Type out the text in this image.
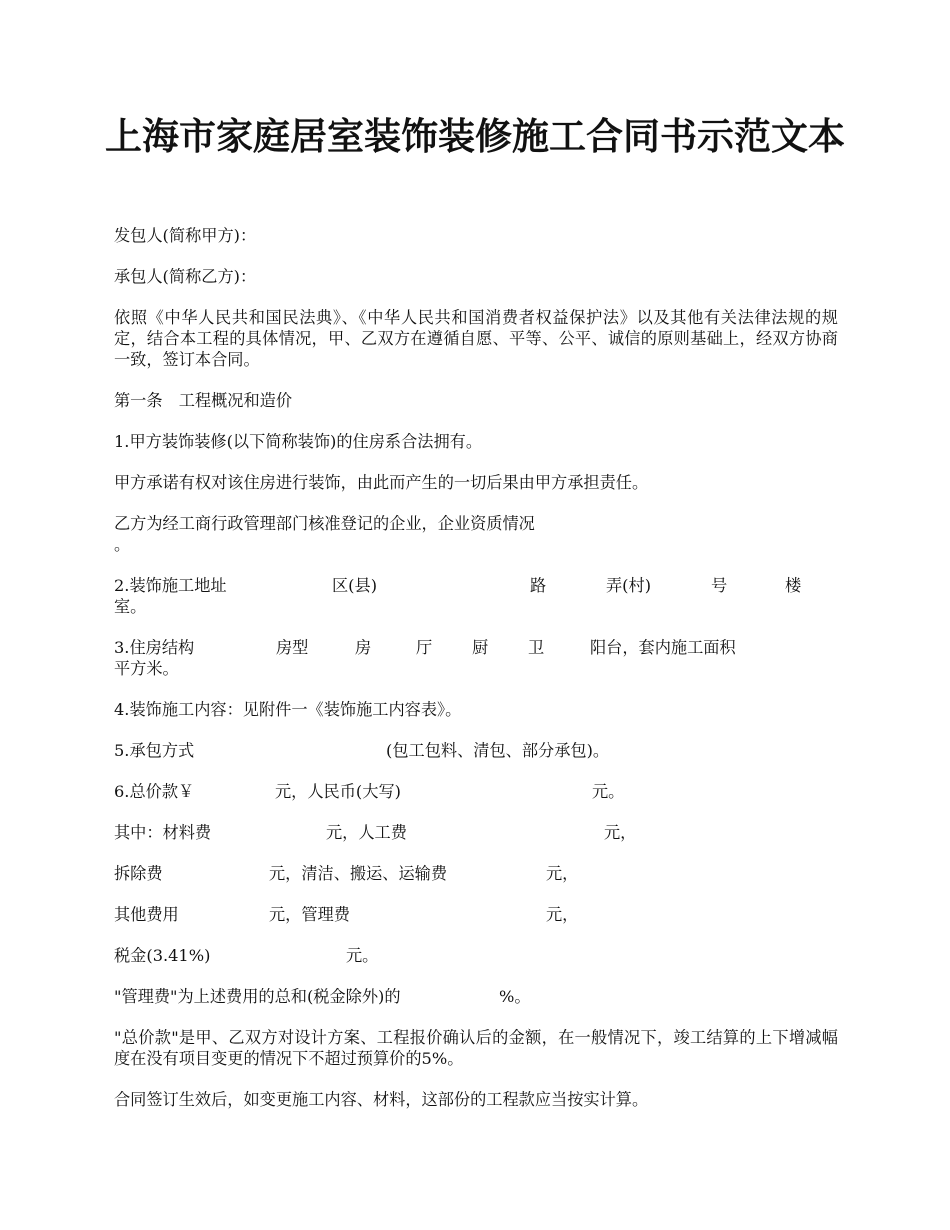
上海市家庭居室装饰装修施工合同书示范文本

发包人(简称甲方)：

承包人(简称乙方)：

依照《中华人民共和国民法典》、《中华人民共和国消费者权益保护法》以及其他有关法律法规的规定，结合本工程的具体情况，甲、乙双方在遵循自愿、平等、公平、诚信的原则基础上，经双方协商一致，签订本合同。

第一条　工程概况和造价

1.甲方装饰装修(以下简称装饰)的住房系合法拥有。

甲方承诺有权对该住房进行装饰，由此而产生的一切后果由甲方承担责任。

乙方为经工商行政管理部门核准登记的企业，企业资质情况

。

2.装饰施工地址	区(县)	路	弄(村)	号	楼

室。

3.住房结构	房型	房	厅 厨 卫	阳台，套内施工面积

平方米。

4.装饰施工内容：见附件一《装饰施工内容表》。

5.承包方式	(包工包料、清包、部分承包)。

6.总价款￥	元，人民币(大写)	元。

其中：材料费	元，人工费	元，

拆除费	元，清洁、搬运、运输费	元，

其他费用	元，管理费	元，

税金(3.41%)	元。

"管理费"为上述费用的总和(税金除外)的	%。

"总价款"是甲、乙双方对设计方案、工程报价确认后的金额，在一般情况下，竣工结算的上下增减幅度在没有项目变更的情况下不超过预算价的5%。

合同签订生效后，如变更施工内容、材料，这部份的工程款应当按实计算。
